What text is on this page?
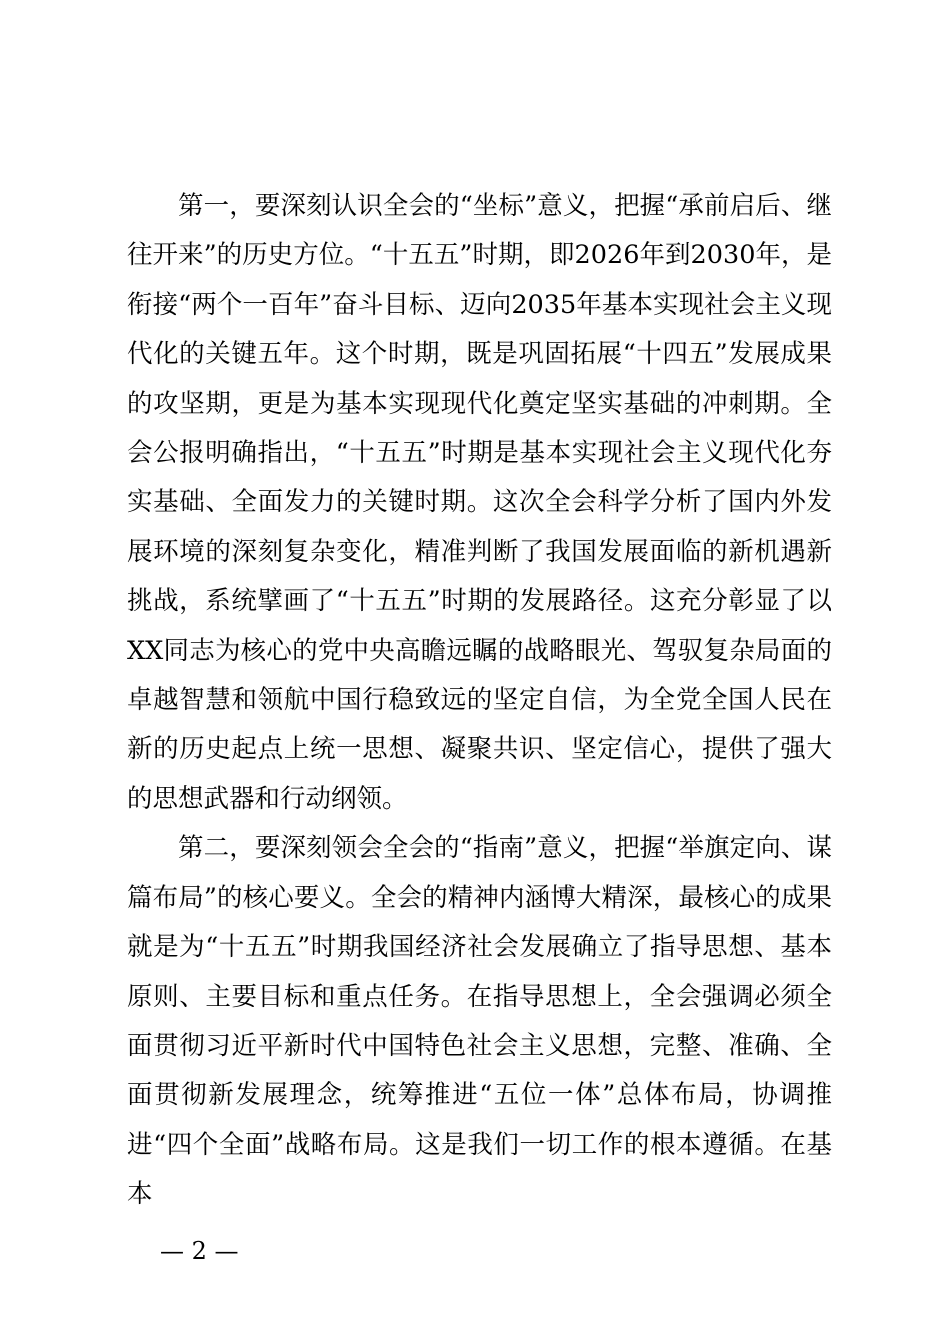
第一，要深刻认识全会的“坐标”意义，把握“承前启后、继往开来”的历史方位。“十五五”时期，即2026年到2030年，是衔接“两个一百年”奋斗目标、迈向2035年基本实现社会主义现代化的关键五年。这个时期，既是巩固拓展“十四五”发展成果的攻坚期，更是为基本实现现代化奠定坚实基础的冲刺期。全会公报明确指出，“十五五”时期是基本实现社会主义现代化夯实基础、全面发力的关键时期。这次全会科学分析了国内外发展环境的深刻复杂变化，精准判断了我国发展面临的新机遇新挑战，系统擘画了“十五五”时期的发展路径。这充分彰显了以XX同志为核心的党中央高瞻远瞩的战略眼光、驾驭复杂局面的卓越智慧和领航中国行稳致远的坚定自信，为全党全国人民在新的历史起点上统一思想、凝聚共识、坚定信心，提供了强大的思想武器和行动纲领。

第二，要深刻领会全会的“指南”意义，把握“举旗定向、谋篇布局”的核心要义。全会的精神内涵博大精深，最核心的成果就是为“十五五”时期我国经济社会发展确立了指导思想、基本原则、主要目标和重点任务。在指导思想上，全会强调必须全面贯彻习近平新时代中国特色社会主义思想，完整、准确、全面贯彻新发展理念，统筹推进“五位一体”总体布局，协调推进“四个全面”战略布局。这是我们一切工作的根本遵循。在基本

— 2 —
